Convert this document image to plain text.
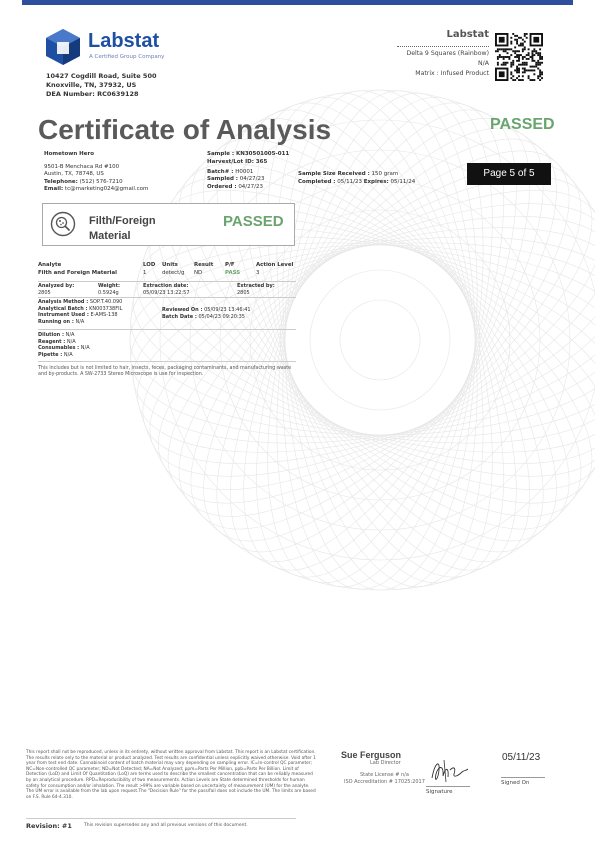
Labstat
A Certified Group Company
10427 Cogdill Road, Suite 500
Knoxville, TN, 37932, US
DEA Number: RC0639128
Labstat
Delta 9 Squares (Rainbow)
N/A
Matrix : Infused Product
Certificate of Analysis	PASSED
Hometown Hero
9501-B Menchaca Rd #100
Austin, TX, 78748, US
Telephone: (512) 576-7210
Email: tc@marketing024@gmail.com
Sample : KN30501005-011
Harvest/Lot ID: 365
Batch# : H0001
Sampled : 04/27/23
Ordered : 04/27/23
Sample Size Received : 150 gram
Completed : 05/11/23 Expires: 05/11/24
Page 5 of 5
Filth/Foreign
Material
PASSED
Analyte	LOD Units	Result P/F	Action Level
Filth and Foreign Material	1	detect/g ND	PASS	3
Analyzed by:
2805
Weight:
0.5924g
Extraction date:
05/09/23 13:22:57
Extracted by:
2805
Analysis Method : SOP.T.40.090
Analytical Batch : KN003738FIL
Instrument Used : E-AMS-138
Running on : N/A
Reviewed On : 05/09/23 13:46:41
Batch Date : 05/04/23 09:20:35
Dilution : N/A
Reagent : N/A
Consumables : N/A
Pipette : N/A
This includes but is not limited to hair, insects, feces, packaging contaminants, and manufacturing waste and by-products. A SW-2733 Stereo Microscope is use for inspection.
This report shall not be reproduced, unless in its entirety, without written approval from Labstat. This report is an Labstat certification. The results relate only to the material or product analyzed. Test results are confidential unless explicitly waived otherwise. Void after 1 year from test end date. Cannabinoid content of batch material may vary depending on sampling error. IC=In-control QC parameter; NC=Non-controlled QC parameter; ND=Not Detected; NA=Not Analyzed; ppm=Parts Per Million, ppb=Parts Per Billion. Limit of Detection (LoD) and Limit Of Quantitation (LoQ) are terms used to describe the smallest concentration that can be reliably measured by an analytical procedure. RPD=Reproducibility of two measurements. Action Levels are State determined thresholds for human safety for consumption and/or inhalation. The result >99% are variable based on uncertainty of measurement (UM) for the analyte. The UM error is available from the lab upon request.The "Decision Rule" for the pass/fail does not include the UM. The limits are based on F.S. Rule 64-4.310.
Sue Ferguson
Lab Director
State License # n/a
ISO Accreditation # 17025:2017
Signature
05/11/23
Signed On
Revision: #1	This revision supersedes any and all previous versions of this document.
